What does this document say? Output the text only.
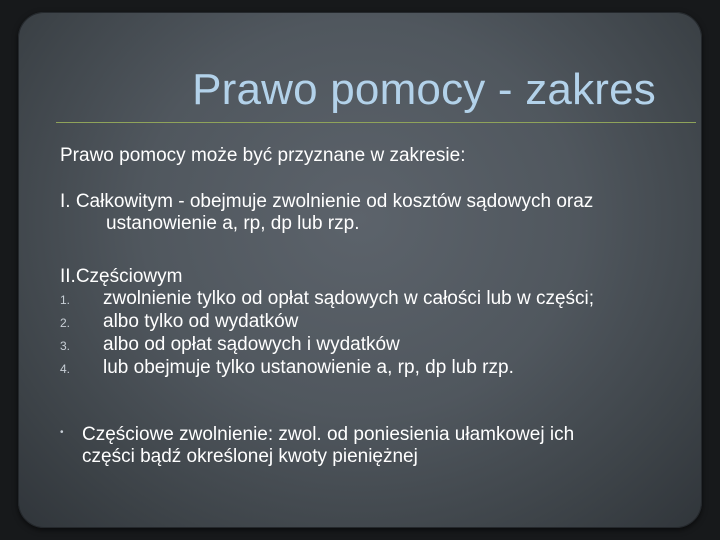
Prawo pomocy - zakres
Prawo pomocy może być przyznane w zakresie:
I. Całkowitym - obejmuje zwolnienie od kosztów sądowych oraz
ustanowienie a, rp, dp lub rzp.
II.Częściowym
1. zwolnienie tylko od opłat sądowych w całości lub w części;
2. albo tylko od wydatków
3. albo od opłat sądowych i wydatków
4. lub obejmuje tylko ustanowienie a, rp, dp lub rzp.
• Częściowe zwolnienie: zwol. od poniesienia ułamkowej ich
części bądź określonej kwoty pieniężnej
